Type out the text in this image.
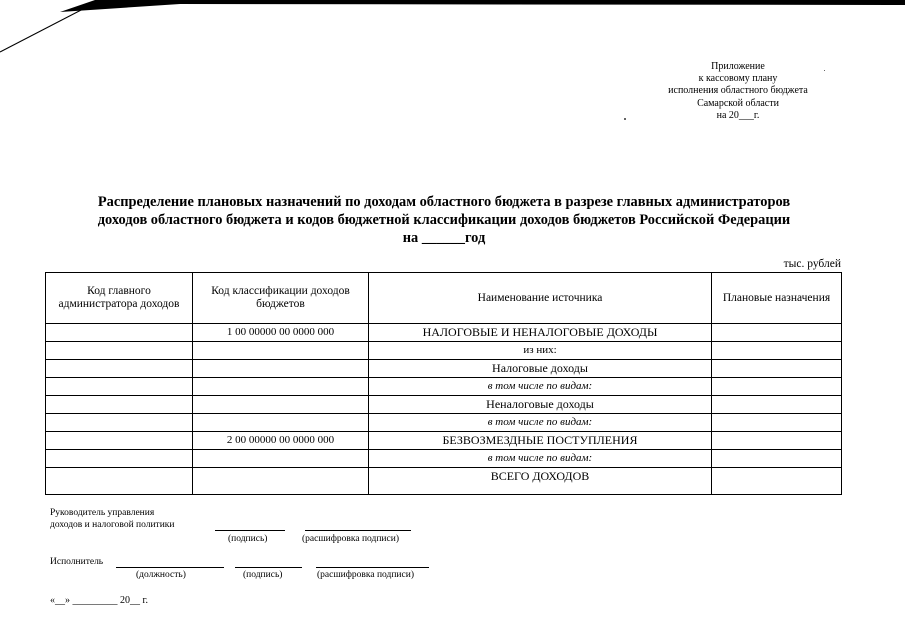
Приложение
к кассовому плану
исполнения областного бюджета
Самарской области
на 20___г.
Распределение плановых назначений по доходам областного бюджета в разрезе главных администраторов
доходов областного бюджета и кодов бюджетной классификации доходов бюджетов Российской Федерации
на ______год
тыс. рублей
Код главного администратора доходов	Код классификации доходов бюджетов	Наименование источника	Плановые назначения
	1 00 00000 00 0000 000	НАЛОГОВЫЕ И НЕНАЛОГОВЫЕ ДОХОДЫ	
		из них:	
		Налоговые доходы	
		в том числе по видам:	
		Неналоговые доходы	
		в том числе по видам:	
	2 00 00000 00 0000 000	БЕЗВОЗМЕЗДНЫЕ ПОСТУПЛЕНИЯ	
		в том числе по видам:	
		ВСЕГО ДОХОДОВ	
Руководитель управления
доходов и налоговой политики
(подпись)	(расшифровка подписи)
Исполнитель
(должность)	(подпись)	(расшифровка подписи)
«__» _________ 20__ г.
